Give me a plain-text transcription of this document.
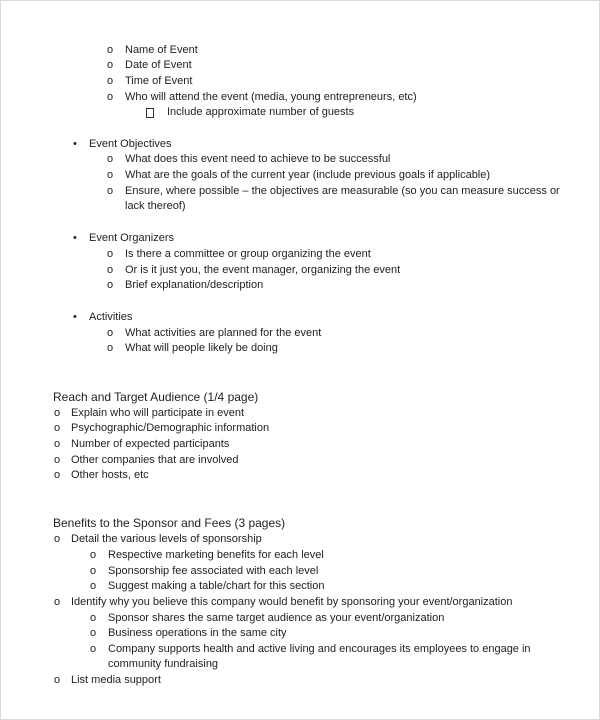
o Name of Event
o Date of Event
o Time of Event
o Who will attend the event (media, young entrepreneurs, etc)
Include approximate number of guests
• Event Objectives
o What does this event need to achieve to be successful
o What are the goals of the current year (include previous goals if applicable)
o Ensure, where possible – the objectives are measurable (so you can measure success or lack thereof)
• Event Organizers
o Is there a committee or group organizing the event
o Or is it just you, the event manager, organizing the event
o Brief explanation/description
• Activities
o What activities are planned for the event
o What will people likely be doing
Reach and Target Audience (1/4 page)
o Explain who will participate in event
o Psychographic/Demographic information
o Number of expected participants
o Other companies that are involved
o Other hosts, etc
Benefits to the Sponsor and Fees (3 pages)
o Detail the various levels of sponsorship
o Respective marketing benefits for each level
o Sponsorship fee associated with each level
o Suggest making a table/chart for this section
o Identify why you believe this company would benefit by sponsoring your event/organization
o Sponsor shares the same target audience as your event/organization
o Business operations in the same city
o Company supports health and active living and encourages its employees to engage in community fundraising
o List media support
